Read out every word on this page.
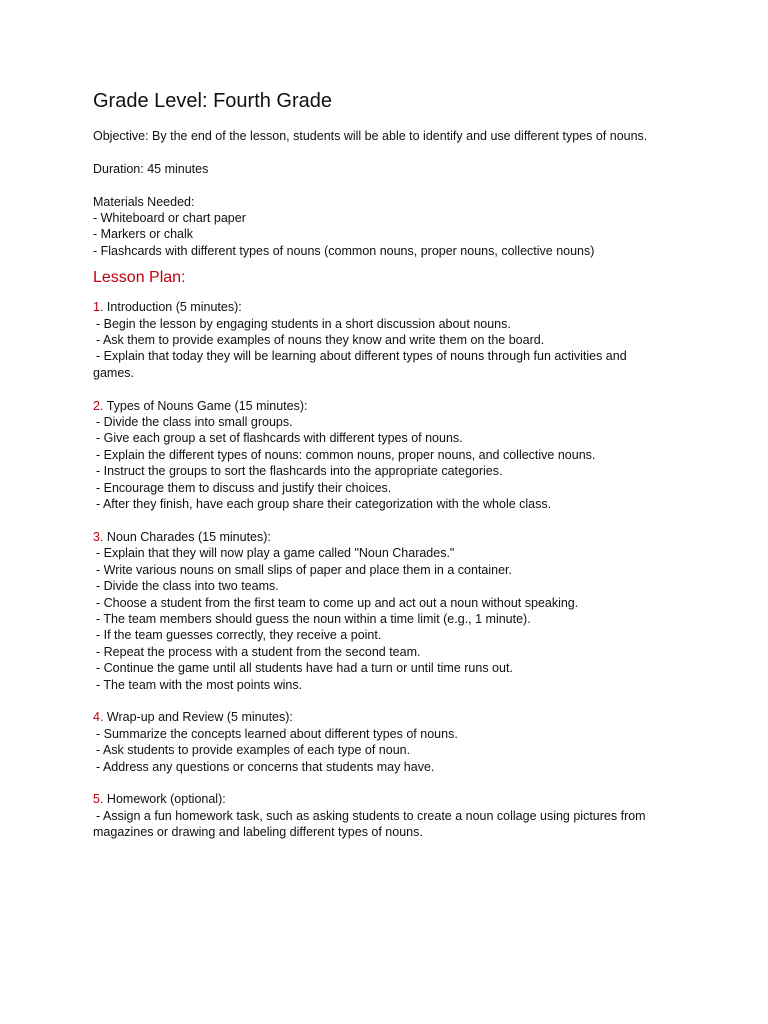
Grade Level: Fourth Grade

Objective: By the end of the lesson, students will be able to identify and use different types of nouns.

Duration: 45 minutes

Materials Needed:

- Whiteboard or chart paper

- Markers or chalk

- Flashcards with different types of nouns (common nouns, proper nouns, collective nouns)

Lesson Plan:

1. Introduction (5 minutes):

- Begin the lesson by engaging students in a short discussion about nouns.

- Ask them to provide examples of nouns they know and write them on the board.

- Explain that today they will be learning about different types of nouns through fun activities and

games.

2. Types of Nouns Game (15 minutes):

- Divide the class into small groups.

- Give each group a set of flashcards with different types of nouns.

- Explain the different types of nouns: common nouns, proper nouns, and collective nouns.

- Instruct the groups to sort the flashcards into the appropriate categories.

- Encourage them to discuss and justify their choices.

- After they finish, have each group share their categorization with the whole class.

3. Noun Charades (15 minutes):

- Explain that they will now play a game called "Noun Charades."

- Write various nouns on small slips of paper and place them in a container.

- Divide the class into two teams.

- Choose a student from the first team to come up and act out a noun without speaking.

- The team members should guess the noun within a time limit (e.g., 1 minute).

- If the team guesses correctly, they receive a point.

- Repeat the process with a student from the second team.

- Continue the game until all students have had a turn or until time runs out.

- The team with the most points wins.

4. Wrap-up and Review (5 minutes):

- Summarize the concepts learned about different types of nouns.

- Ask students to provide examples of each type of noun.

- Address any questions or concerns that students may have.

5. Homework (optional):

- Assign a fun homework task, such as asking students to create a noun collage using pictures from

magazines or drawing and labeling different types of nouns.
